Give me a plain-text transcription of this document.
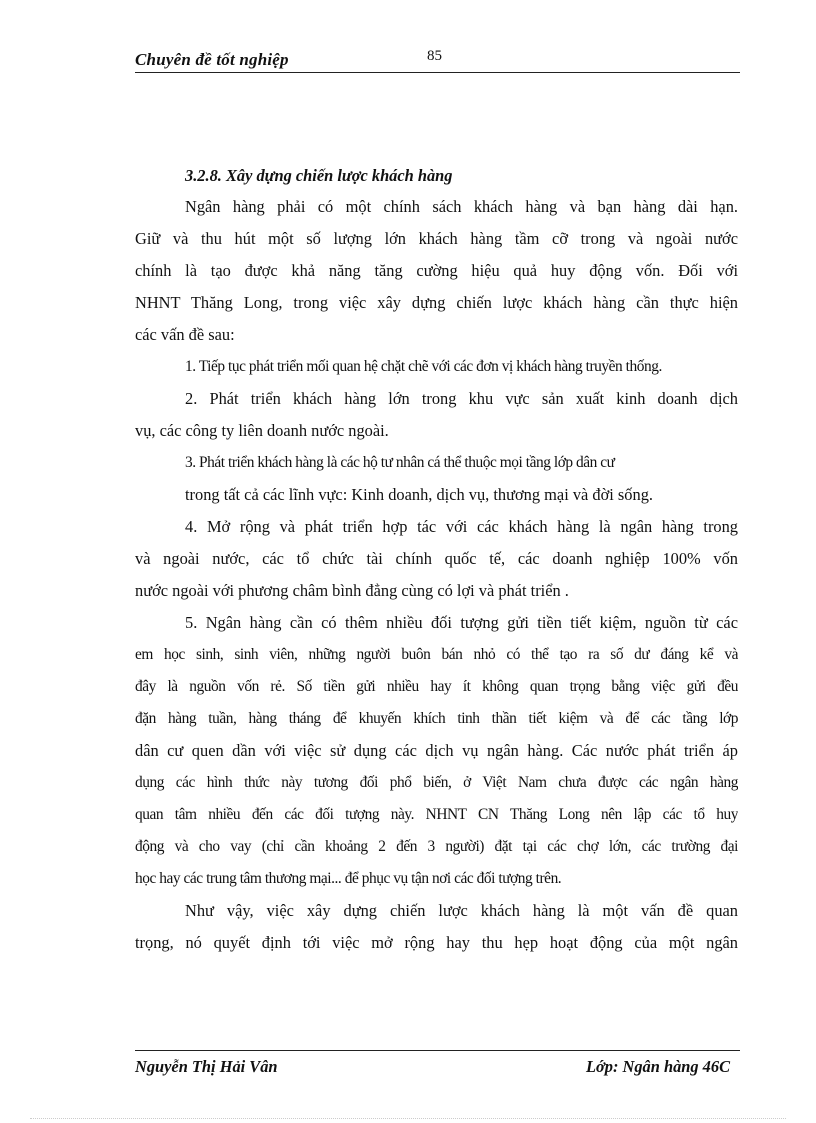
Chuyên đề tốt nghiệp	85
3.2.8. Xây dựng chiến lược khách hàng
Ngân hàng phải có một chính sách khách hàng và bạn hàng dài hạn.
Giữ và thu hút một số lượng lớn khách hàng tầm cỡ trong và ngoài nước
chính là tạo được khả năng tăng cường hiệu quả huy động vốn. Đối với
NHNT Thăng Long, trong việc xây dựng chiến lược khách hàng cần thực hiện
các vấn đề sau:
1. Tiếp tục phát triển mối quan hệ chặt chẽ với các đơn vị khách hàng truyền thống.
2. Phát triển khách hàng lớn trong khu vực sản xuất kinh doanh dịch
vụ, các công ty liên doanh nước ngoài.
3. Phát triển khách hàng là các hộ tư nhân cá thể thuộc mọi tầng lớp dân cư
trong tất cả các lĩnh vực: Kinh doanh, dịch vụ, thương mại và đời sống.
4. Mở rộng và phát triển hợp tác với các khách hàng là ngân hàng trong
và ngoài nước, các tổ chức tài chính quốc tế, các doanh nghiệp 100% vốn
nước ngoài với phương châm bình đẳng cùng có lợi và phát triển .
5. Ngân hàng cần có thêm nhiều đối tượng gửi tiền tiết kiệm, nguồn từ các
em học sinh, sinh viên, những người buôn bán nhỏ có thể tạo ra số dư đáng kể và
đây là nguồn vốn rẻ. Số tiền gửi nhiều hay ít không quan trọng bằng việc gửi đều
đặn hàng tuần, hàng tháng để khuyến khích tinh thần tiết kiệm và để các tầng lớp
dân cư quen dần với việc sử dụng các dịch vụ ngân hàng. Các nước phát triển áp
dụng các hình thức này tương đối phổ biến, ở Việt Nam chưa được các ngân hàng
quan tâm nhiều đến các đối tượng này. NHNT CN Thăng Long nên lập các tổ huy
động và cho vay (chỉ cần khoảng 2 đến 3 người) đặt tại các chợ lớn, các trường đại
học hay các trung tâm thương mại... để phục vụ tận nơi các đối tượng trên.
Như vậy, việc xây dựng chiến lược khách hàng là một vấn đề quan
trọng, nó quyết định tới việc mở rộng hay thu hẹp hoạt động của một ngân
Nguyễn Thị Hải Vân	Lớp: Ngân hàng 46C
